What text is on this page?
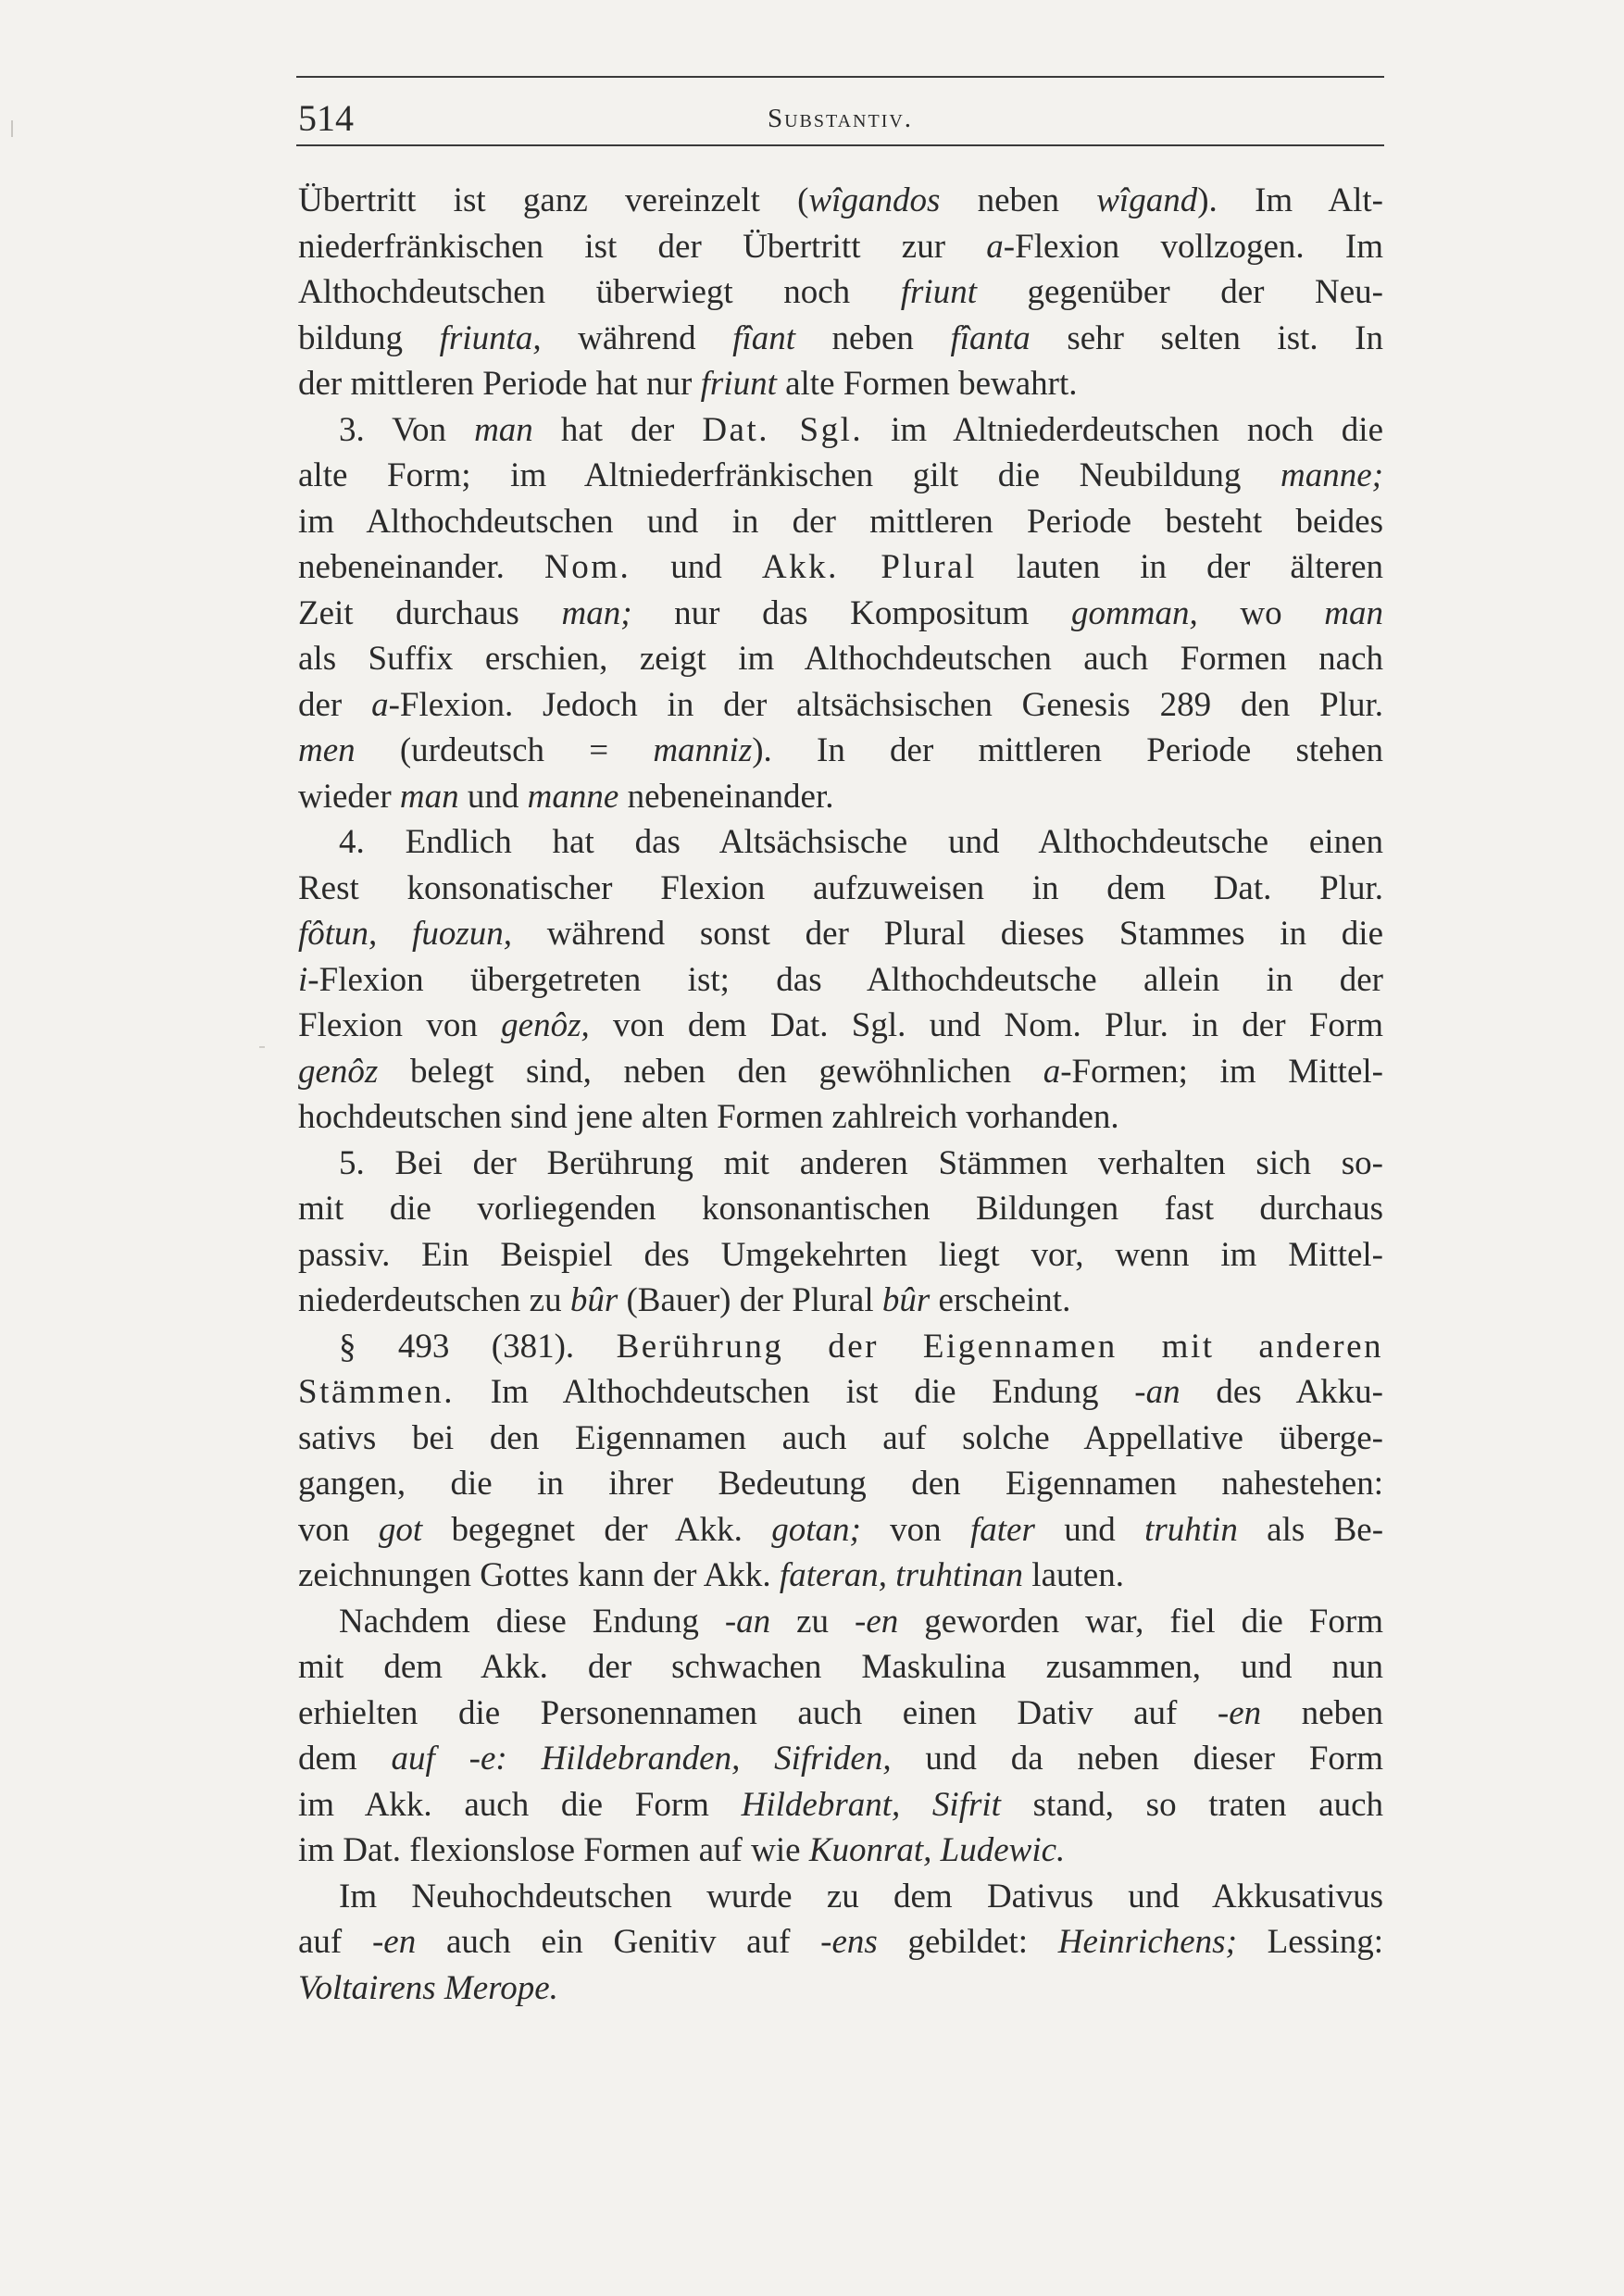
514	Substantiv.
Übertritt ist ganz vereinzelt (wîgandos neben wîgand). Im Alt-
niederfränkischen ist der Übertritt zur a-Flexion vollzogen. Im
Althochdeutschen überwiegt noch friunt gegenüber der Neu-
bildung friunta, während fîant neben fîanta sehr selten ist. In
der mittleren Periode hat nur friunt alte Formen bewahrt.
3. Von man hat der Dat. Sgl. im Altniederdeutschen noch die
alte Form; im Altniederfränkischen gilt die Neubildung manne;
im Althochdeutschen und in der mittleren Periode besteht beides
nebeneinander. Nom. und Akk. Plural lauten in der älteren
Zeit durchaus man; nur das Kompositum gomman, wo man
als Suffix erschien, zeigt im Althochdeutschen auch Formen nach
der a-Flexion. Jedoch in der altsächsischen Genesis 289 den Plur.
men (urdeutsch = manniz). In der mittleren Periode stehen
wieder man und manne nebeneinander.
4. Endlich hat das Altsächsische und Althochdeutsche einen
Rest konsonatischer Flexion aufzuweisen in dem Dat. Plur.
fôtun, fuozun, während sonst der Plural dieses Stammes in die
i-Flexion übergetreten ist; das Althochdeutsche allein in der
Flexion von genôz, von dem Dat. Sgl. und Nom. Plur. in der Form
genôz belegt sind, neben den gewöhnlichen a-Formen; im Mittel-
hochdeutschen sind jene alten Formen zahlreich vorhanden.
5. Bei der Berührung mit anderen Stämmen verhalten sich so-
mit die vorliegenden konsonantischen Bildungen fast durchaus
passiv. Ein Beispiel des Umgekehrten liegt vor, wenn im Mittel-
niederdeutschen zu bûr (Bauer) der Plural bûr erscheint.
§ 493 (381). Berührung der Eigennamen mit anderen
Stämmen. Im Althochdeutschen ist die Endung -an des Akku-
sativs bei den Eigennamen auch auf solche Appellative überge-
gangen, die in ihrer Bedeutung den Eigennamen nahestehen:
von got begegnet der Akk. gotan; von fater und truhtin als Be-
zeichnungen Gottes kann der Akk. fateran, truhtinan lauten.
Nachdem diese Endung -an zu -en geworden war, fiel die Form
mit dem Akk. der schwachen Maskulina zusammen, und nun
erhielten die Personennamen auch einen Dativ auf -en neben
dem auf -e: Hildebranden, Sifriden, und da neben dieser Form
im Akk. auch die Form Hildebrant, Sifrit stand, so traten auch
im Dat. flexionslose Formen auf wie Kuonrat, Ludewic.
Im Neuhochdeutschen wurde zu dem Dativus und Akkusativus
auf -en auch ein Genitiv auf -ens gebildet: Heinrichens; Lessing:
Voltairens Merope.
